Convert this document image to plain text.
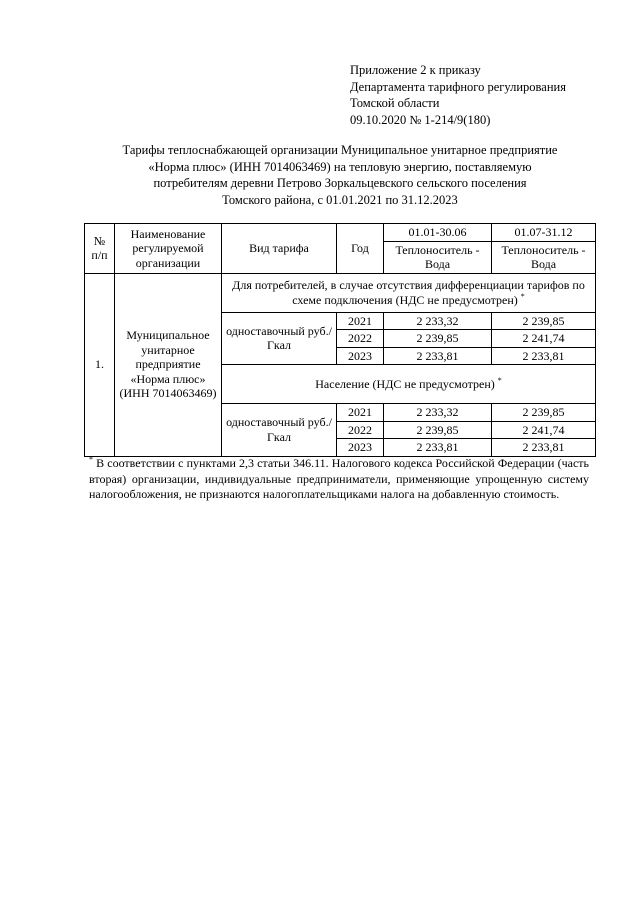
Приложение 2 к приказу
Департамента тарифного регулирования
Томской области
09.10.2020 № 1-214/9(180)
Тарифы теплоснабжающей организации Муниципальное унитарное предприятие
«Норма плюс» (ИНН 7014063469) на тепловую энергию, поставляемую
потребителям деревни Петрово Зоркальцевского сельского поселения
Томского района, с 01.01.2021 по 31.12.2023
№ п/п	Наименование регулируемой организации	Вид тарифа	Год	01.01-30.06	01.07-31.12
				Теплоноситель - Вода	Теплоноситель - Вода
1.	Муниципальное унитарное предприятие «Норма плюс» (ИНН 7014063469)	Для потребителей, в случае отсутствия дифференциации тарифов по схеме подключения (НДС не предусмотрен) *
		одноставочный руб./Гкал	2021	2 233,32	2 239,85
			2022	2 239,85	2 241,74
			2023	2 233,81	2 233,81
		Население (НДС не предусмотрен) *
		одноставочный руб./Гкал	2021	2 233,32	2 239,85
			2022	2 239,85	2 241,74
			2023	2 233,81	2 233,81
* В соответствии с пунктами 2,3 статьи 346.11. Налогового кодекса Российской Федерации (часть вторая) организации, индивидуальные предприниматели, применяющие упрощенную систему налогообложения, не признаются налогоплательщиками налога на добавленную стоимость.
